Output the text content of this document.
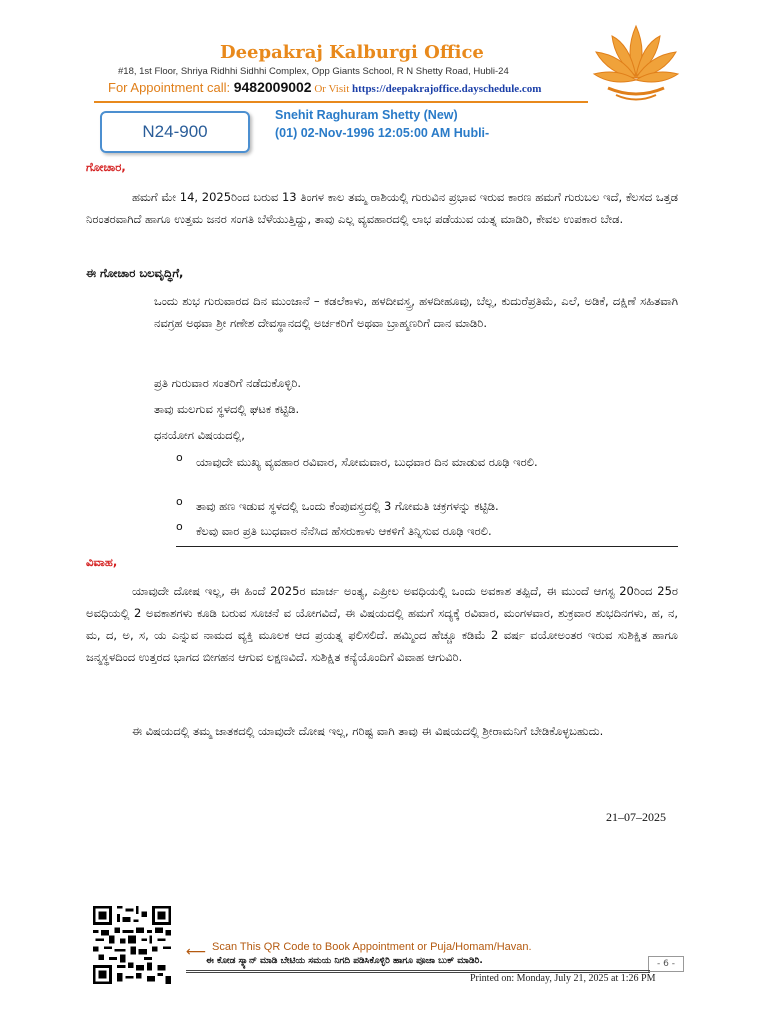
Deepakraj Kalburgi Office
#18, 1st Floor, Shriya Ridhhi Sidhhi Complex, Opp Giants School, R N Shetty Road, Hubli-24
For Appointment call: 9482009002 Or Visit https://deepakrajoffice.dayschedule.com
N24-900
Snehit Raghuram Shetty (New)
(01) 02-Nov-1996 12:05:00 AM Hubli-
ಗೋಚಾರ,
ಹಮಗೆ ಮೇ 14, 2025ರಿಂದ ಬರುವ 13 ತಿಂಗಳ ಕಾಲ ತಮ್ಮ ರಾಶಿಯಲ್ಲಿ ಗುರುವಿನ ಪ್ರಭಾವ ಇರುವ ಕಾರಣ ಹಮಗೆ ಗುರುಬಲ ಇದೆ, ಕೆಲಸದ ಒತ್ತಡ ನಿರಂತರವಾಗಿದೆ ಹಾಗೂ ಉತ್ತಮ ಜನರ ಸಂಗತಿ ಬೆಳೆಯುತ್ತಿದ್ದು, ತಾವು ಎಲ್ಲ ವ್ಯವಹಾರದಲ್ಲಿ ಲಾಭ ಪಡೆಯುವ ಯತ್ನ ಮಾಡಿರಿ, ಕೇವಲ ಉಪಕಾರ ಬೇಡ.
ಈ ಗೋಚಾರ ಬಲವೃದ್ಧಿಗೆ,
ಒಂದು ಶುಭ ಗುರುವಾರದ ದಿನ ಮುಂಜಾನೆ – ಕಡಲೆಕಾಳು, ಹಳದೀವಸ್ತ್ರ, ಹಳದೀಹೂವು, ಬೆಲ್ಲ, ಕುದುರೆಪ್ರತಿಮೆ, ಎಲೆ, ಅಡಿಕೆ, ದಕ್ಷಿಣೆ ಸಹಿತವಾಗಿ ನವಗ್ರಹ ಅಥವಾ ಶ್ರೀ ಗಣೇಶ ದೇವಸ್ಥಾನದಲ್ಲಿ ಅರ್ಚಕರಿಗೆ ಅಥವಾ ಬ್ರಾಹ್ಮಣರಿಗೆ ದಾನ ಮಾಡಿರಿ.
ಪ್ರತಿ ಗುರುವಾರ ಸಂತರಿಗೆ ನಡೆದುಕೊಳ್ಳಿರಿ.
ತಾವು ಮಲಗುವ ಸ್ಥಳದಲ್ಲಿ ಘಟಕ ಕಟ್ಟಿಡಿ.
ಧನಯೋಗ ವಿಷಯದಲ್ಲಿ,
o ಯಾವುದೇ ಮುಖ್ಯ ವ್ಯವಹಾರ ರವಿವಾರ, ಸೋಮವಾರ, ಬುಧವಾರ ದಿನ ಮಾಡುವ ರೂಢಿ ಇರಲಿ.
o ತಾವು ಹಣ ಇಡುವ ಸ್ಥಳದಲ್ಲಿ ಒಂದು ಕೆಂಪುವಸ್ತ್ರದಲ್ಲಿ 3 ಗೋಮತಿ ಚಕ್ರಗಳನ್ನು ಕಟ್ಟಿಡಿ.
o ಕೆಲವು ವಾರ ಪ್ರತಿ ಬುಧವಾರ ನೆನೆಸಿದ ಹೆಸರುಕಾಳು ಆಕಳಿಗೆ ತಿನ್ನಿಸುವ ರೂಢಿ ಇರಲಿ.
ವಿವಾಹ,
ಯಾವುದೇ ದೋಷ ಇಲ್ಲ, ಈ ಹಿಂದೆ 2025ರ ಮಾರ್ಚ ಅಂತ್ಯ, ಎಪ್ರೀಲ ಅವಧಿಯಲ್ಲಿ ಒಂದು ಅವಕಾಶ ತಪ್ಪಿದೆ, ಈ ಮುಂದೆ ಆಗಸ್ಟ 20ರಿಂದ 25ರ ಅವಧಿಯಲ್ಲಿ 2 ಅವಕಾಶಗಳು ಕೂಡಿ ಬರುವ ಸೂಚನೆ ವ ಯೋಗವಿದೆ, ಈ ವಿಷಯದಲ್ಲಿ ಹಮಗೆ ಸದ್ಯಕ್ಕೆ ರವಿವಾರ, ಮಂಗಳವಾರ, ಶುಕ್ರವಾರ ಶುಭದಿನಗಳು, ಹ, ನ, ಮ, ದ, ಅ, ಸ, ಯ ಎನ್ನುವ ನಾಮದ ವ್ಯಕ್ತಿ ಮೂಲಕ ಆದ ಪ್ರಯತ್ನ ಫಲಿಸಲಿದೆ. ಹಮ್ಮಿಂದ ಹೆಚ್ಚೂ ಕಡಿಮೆ 2 ವರ್ಷ ವಯೋಅಂತರ ಇರುವ ಸುಶಿಕ್ಷಿತ ಹಾಗೂ ಜನ್ಮಸ್ಥಳದಿಂದ ಉತ್ತರದ ಭಾಗದ ಬೀಗಹನ ಆಗುವ ಲಕ್ಷಣವಿದೆ. ಸುಶಿಕ್ಷಿತ ಕನ್ಯೆಯೊಂದಿಗೆ ವಿವಾಹ ಆಗುವಿರಿ.
ಈ ವಿಷಯದಲ್ಲಿ ತಮ್ಮ ಜಾತಕದಲ್ಲಿ ಯಾವುದೇ ದೋಷ ಇಲ್ಲ, ಗರಿಷ್ಟ ವಾಗಿ ತಾವು ಈ ವಿಷಯದಲ್ಲಿ ಶ್ರೀರಾಮನಿಗೆ ಬೇಡಿಕೊಳ್ಳಬಹುದು.
21–07–2025
⟵ Scan This QR Code to Book Appointment or Puja/Homam/Havan.
ಈ ಕೋಡ ಸ್ಕ್ಯಾನ್ ಮಾಡಿ ಬೇಟಿಯ ಸಮಯ ನಿಗದಿ ಪಡಿಸಿಕೊಳ್ಳಿರಿ ಹಾಗೂ ಪೂಜಾ ಬುಕ್ ಮಾಡಿರಿ.	- 6 -
Printed on: Monday, July 21, 2025 at 1:26 PM
